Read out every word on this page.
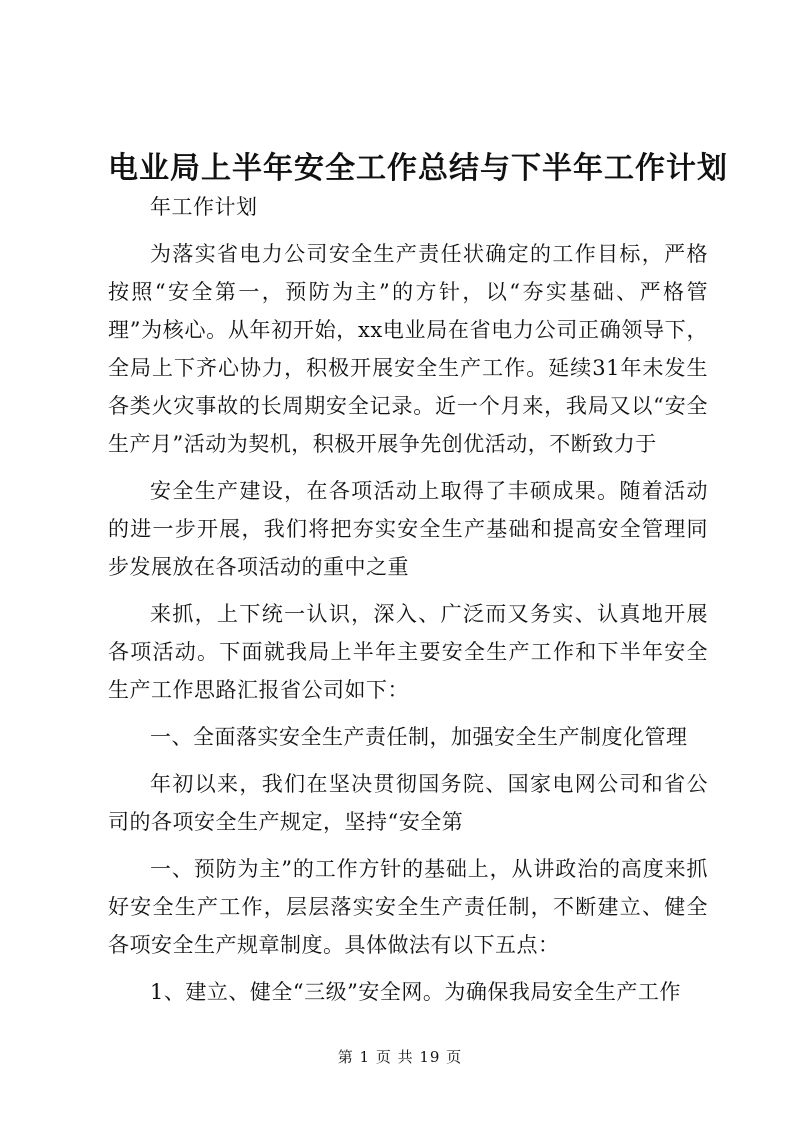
电业局上半年安全工作总结与下半年工作计划

年工作计划

为落实省电力公司安全生产责任状确定的工作目标，严格按照“安全第一，预防为主”的方针，以“夯实基础、严格管理”为核心。从年初开始，xx电业局在省电力公司正确领导下，全局上下齐心协力，积极开展安全生产工作。延续31年未发生各类火灾事故的长周期安全记录。近一个月来，我局又以“安全生产月”活动为契机，积极开展争先创优活动，不断致力于

安全生产建设，在各项活动上取得了丰硕成果。随着活动的进一步开展，我们将把夯实安全生产基础和提高安全管理同步发展放在各项活动的重中之重

来抓，上下统一认识，深入、广泛而又务实、认真地开展各项活动。下面就我局上半年主要安全生产工作和下半年安全生产工作思路汇报省公司如下：

一、全面落实安全生产责任制，加强安全生产制度化管理

年初以来，我们在坚决贯彻国务院、国家电网公司和省公司的各项安全生产规定，坚持“安全第

一、预防为主”的工作方针的基础上，从讲政治的高度来抓好安全生产工作，层层落实安全生产责任制，不断建立、健全各项安全生产规章制度。具体做法有以下五点：

1、建立、健全“三级”安全网。为确保我局安全生产工作

第 1 页 共 19 页
